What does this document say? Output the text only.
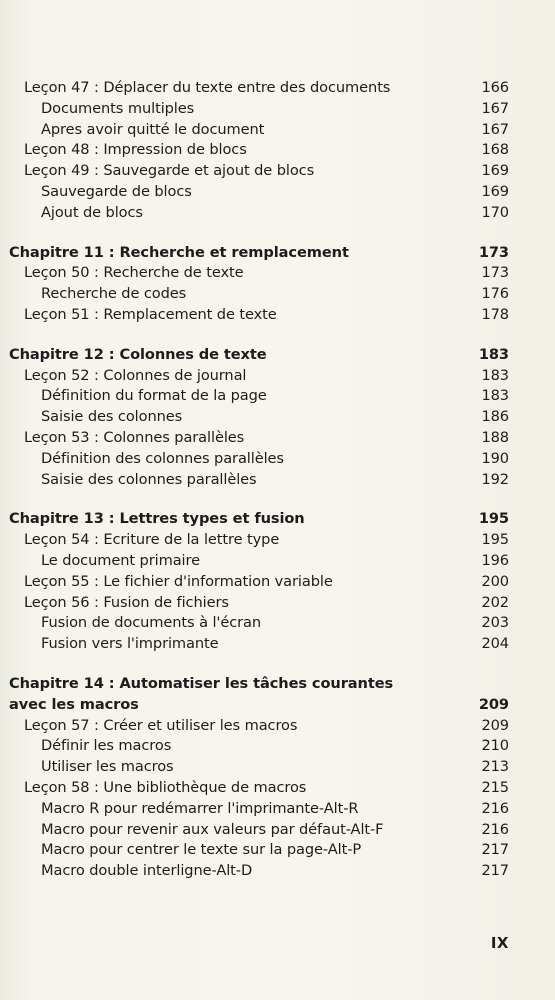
Leçon 47 : Déplacer du texte entre des documents	166
Documents multiples	167
Apres avoir quitté le document	167
Leçon 48 : Impression de blocs	168
Leçon 49 : Sauvegarde et ajout de blocs	169
Sauvegarde de blocs	169
Ajout de blocs	170
Chapitre 11 : Recherche et remplacement	173
Leçon 50 : Recherche de texte	173
Recherche de codes	176
Leçon 51 : Remplacement de texte	178
Chapitre 12 : Colonnes de texte	183
Leçon 52 : Colonnes de journal	183
Définition du format de la page	183
Saisie des colonnes	186
Leçon 53 : Colonnes parallèles	188
Définition des colonnes parallèles	190
Saisie des colonnes parallèles	192
Chapitre 13 : Lettres types et fusion	195
Leçon 54 : Ecriture de la lettre type	195
Le document primaire	196
Leçon 55 : Le fichier d'information variable	200
Leçon 56 : Fusion de fichiers	202
Fusion de documents à l'écran	203
Fusion vers l'imprimante	204
Chapitre 14 : Automatiser les tâches courantes
avec les macros	209
Leçon 57 : Créer et utiliser les macros	209
Définir les macros	210
Utiliser les macros	213
Leçon 58 : Une bibliothèque de macros	215
Macro R pour redémarrer l'imprimante-Alt-R	216
Macro pour revenir aux valeurs par défaut-Alt-F	216
Macro pour centrer le texte sur la page-Alt-P	217
Macro double interligne-Alt-D	217
IX
